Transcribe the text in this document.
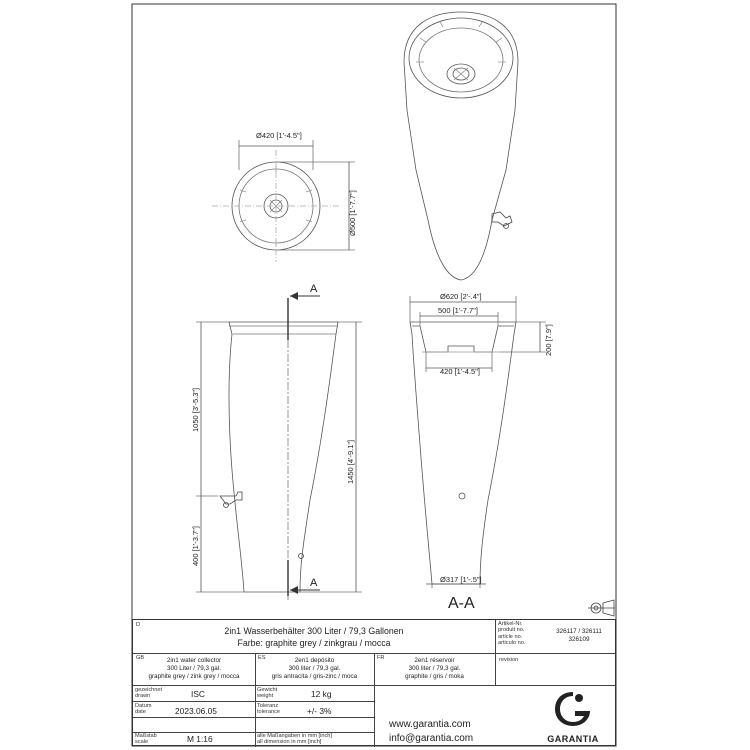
Ø420 [1'-4.5"]
Ø500 [1'-7.7"]
A
A
1050 [3'-5.3"]
400 [1'-3.7"]
1450 [4'-9.1"]
Ø620 [2'-.4"]
500 [1'-7.7"]
420 [1'-4.5"]
200 [7.9"]
Ø317 [1'-.5"]
A-A
D
2in1 Wasserbehälter 300 Liter / 79,3 Gallonen
Farbe: graphite grey / zinkgrau / mocca
Artikel-Nr.
produit no.
article no.
articulo no.
326117 / 326111
326109
GB	2in1 water collector
300 Liter / 79,3 gal.
graphite grey / zink grey / mocca
ES	2en1 depósito
300 liter / 79,3 gal.
gris antracita / gris-zinc / moca
FR	2en1 réservoir
300 liter / 79,3 gal.
graphite / gris / moka
revision
gezeichnet
drawn	ISC
Datum
date	2023.06.05
Maßstab
scale	M 1:16
Gewicht
weight	12 kg
Toleranz
tolerance	+/- 3%
alle Maßangaben in mm [inch]
all dimension in mm [inch]
www.garantia.com
info@garantia.com	GARANTIA
